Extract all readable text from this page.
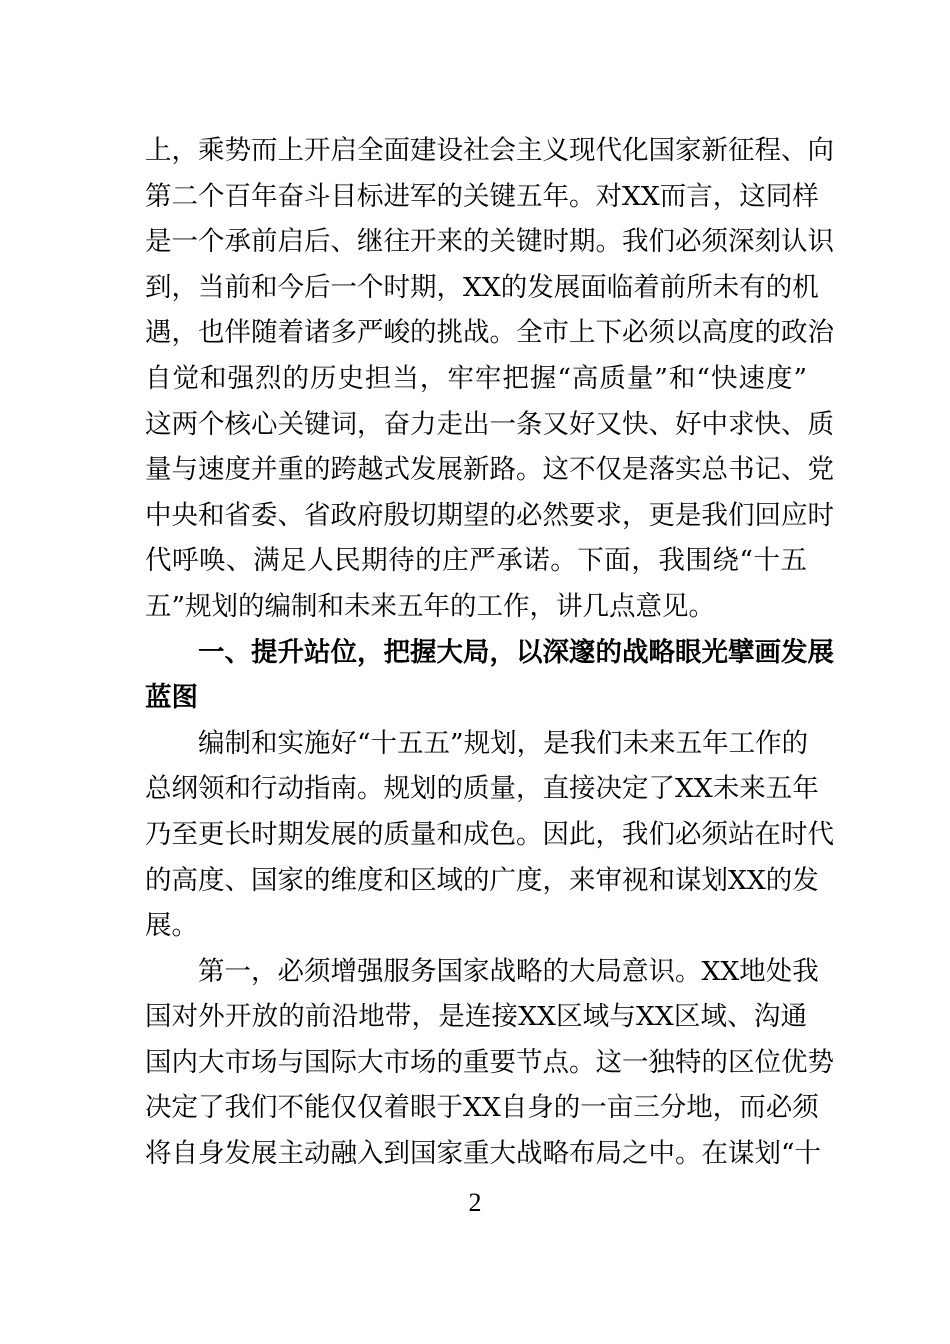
上，乘势而上开启全面建设社会主义现代化国家新征程、向
第二个百年奋斗目标进军的关键五年。对XX而言，这同样
是一个承前启后、继往开来的关键时期。我们必须深刻认识
到，当前和今后一个时期，XX的发展面临着前所未有的机
遇，也伴随着诸多严峻的挑战。全市上下必须以高度的政治
自觉和强烈的历史担当，牢牢把握“高质量”和“快速度”
这两个核心关键词，奋力走出一条又好又快、好中求快、质
量与速度并重的跨越式发展新路。这不仅是落实总书记、党
中央和省委、省政府殷切期望的必然要求，更是我们回应时
代呼唤、满足人民期待的庄严承诺。下面，我围绕“十五
五”规划的编制和未来五年的工作，讲几点意见。
一、提升站位，把握大局，以深邃的战略眼光擘画发展
蓝图
编制和实施好“十五五”规划，是我们未来五年工作的
总纲领和行动指南。规划的质量，直接决定了XX未来五年
乃至更长时期发展的质量和成色。因此，我们必须站在时代
的高度、国家的维度和区域的广度，来审视和谋划XX的发
展。
第一，必须增强服务国家战略的大局意识。XX地处我
国对外开放的前沿地带，是连接XX区域与XX区域、沟通
国内大市场与国际大市场的重要节点。这一独特的区位优势
决定了我们不能仅仅着眼于XX自身的一亩三分地，而必须
将自身发展主动融入到国家重大战略布局之中。在谋划“十
2
